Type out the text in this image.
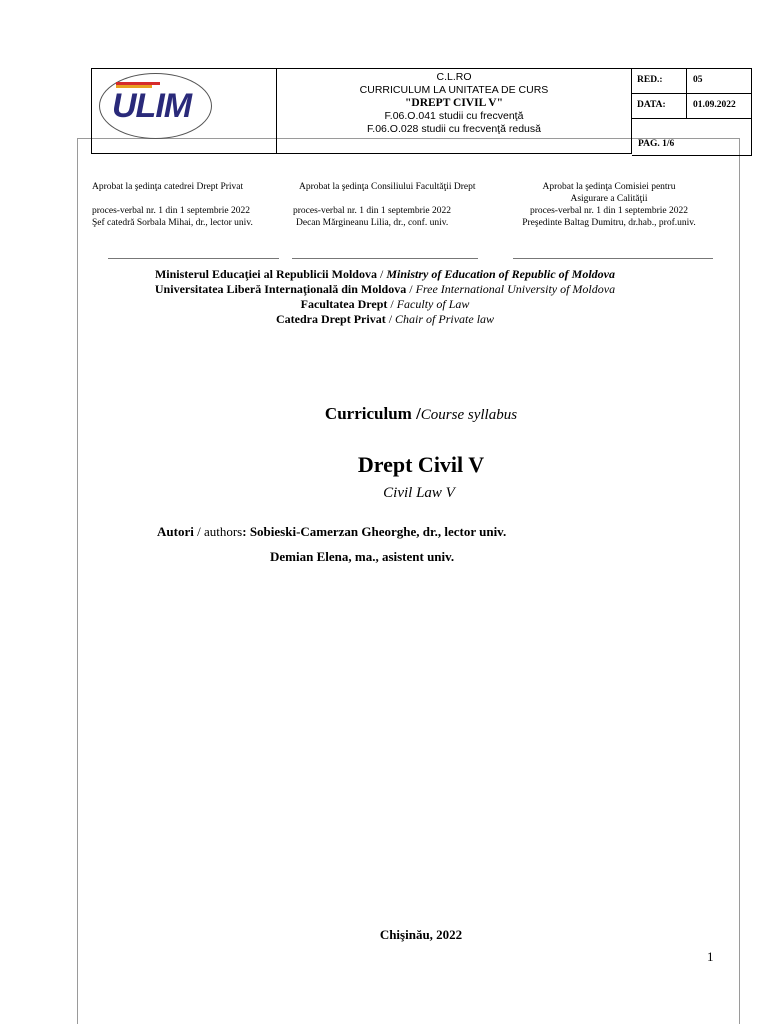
ULIM
C.L.RO
CURRICULUM LA UNITATEA DE CURS
"DREPT CIVIL V"
F.06.O.041 studii cu frecvenţă
F.06.O.028 studii cu frecvenţă redusă
RED.:	05
DATA:	01.09.2022
PAG. 1/6
Aprobat la şedinţa catedrei Drept Privat
proces-verbal nr. 1 din 1 septembrie 2022
Şef catedră Sorbala Mihai, dr., lector univ.
Aprobat la şedinţa Consiliului Facultăţii Drept
proces-verbal nr. 1 din 1 septembrie 2022
Decan Mărgineanu Lilia, dr., conf. univ.
Aprobat la şedinţa Comisiei pentru
Asigurare a Calităţii
proces-verbal nr. 1 din 1 septembrie 2022
Preşedinte Baltag Dumitru, dr.hab., prof.univ.
Ministerul Educaţiei al Republicii Moldova / Ministry of Education of Republic of Moldova
Universitatea Liberă Internaţională din Moldova / Free International University of Moldova
Facultatea Drept / Faculty of Law
Catedra Drept Privat / Chair of Private law
Curriculum /Course syllabus
Drept Civil V
Civil Law V
Autori / authors: Sobieski-Camerzan Gheorghe, dr., lector univ.
Demian Elena, ma., asistent univ.
Chişinău, 2022
1
